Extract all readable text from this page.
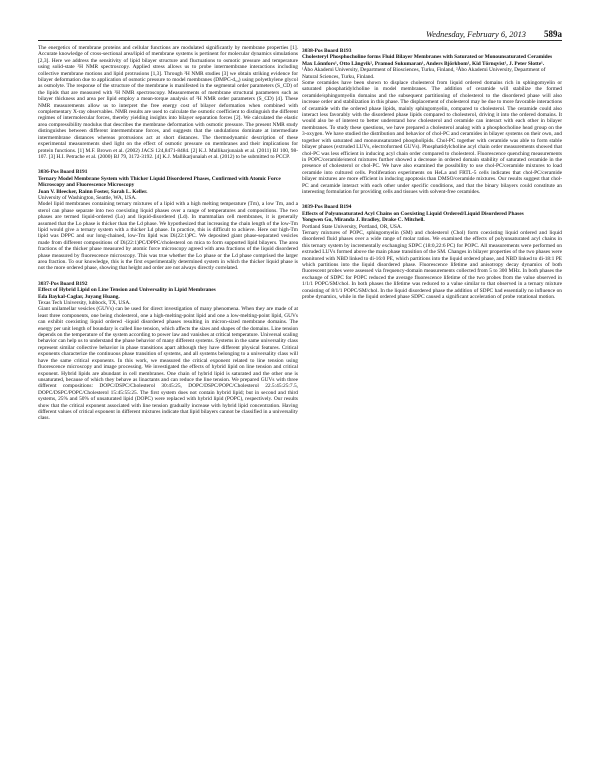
Wednesday, February 6, 2013 589a

The energetics of membrane proteins and cellular functions are modulated significantly by membrane properties [1]. Accurate knowledge of cross-sectional area/lipid of membrane systems is pertinent for molecular dynamics simulations [2,3]. Here we address the sensitivity of lipid bilayer structure and fluctuations to osmotic pressure and temperature using solid-state ²H NMR spectroscopy. Applied stress allows us to probe intermembrane interactions including collective membrane motions and lipid protrusions [1,3]. Through ²H NMR studies [3] we obtain striking evidence for bilayer deformation due to application of osmotic pressure to model membranes (DMPC-d₅₄) using polyethylene glycol as osmolyte. The response of the structure of the membrane is manifested in the segmental order parameters (S_CD) of the lipids that are measured with ²H NMR spectroscopy. Measurements of membrane structural parameters such as bilayer thickness and area per lipid employ a mean-torque analysis of ²H NMR order parameters (S_CD) [4]. These NMR measurements allow us to interpret the free energy cost of bilayer deformation when combined with complementary X-ray observables. NMR results are used to calculate the osmotic coefficient to distinguish the different regimes of intermolecular forces, thereby yielding insights into bilayer separation forces [2]. We calculated the elastic area compressibility modulus that describes the membrane deformation with osmotic pressure. The present NMR study distinguishes between different intermembrane forces, and suggests that the undulations dominate at intermediate intermembrane distances whereas protrusions act at short distances. The thermodynamic description of these experimental measurements shed light on the effect of osmotic pressure on membranes and their implications for protein functions. [1] M.F. Brown et al. (2002) JACS 124,8471-8484. [2] K.J. Mallikarjunaiah et al. (2011) BJ 100, 98-107. [3] H.I. Petrache et al. (2000) BJ 79, 3172-3192. [4] K.J. Mallikarjunaiah et al. (2012) to be submitted to PCCP.

3036-Pos Board B191

Ternary Model Membrane System with Thicker Liquid Disordered Phases, Confirmed with Atomic Force Microscopy and Fluorescence Microscopy

Joan V. Bleecker, Rainn Foster, Sarah L. Keller.

University of Washington, Seattle, WA, USA.

Model lipid membranes containing ternary mixtures of a lipid with a high melting temperature (Tm), a low Tm, and a sterol can phase separate into two coexisting liquid phases over a range of temperatures and compositions. The two phases are termed liquid-ordered (Lo) and liquid-disordered (Ld). In mammalian cell membranes, it is generally assumed that the Lo phase is thicker than the Ld phase. We hypothesized that increasing the chain length of the low-Tm lipid would give a ternary system with a thicker Ld phase. In practice, this is difficult to achieve. Here our high-Tm lipid was DPPC and our long-chained, low-Tm lipid was Di(22:1)PC. We deposited giant phase-separated vesicles made from different compositions of Di(22:1)PC/DPPC/cholesterol on mica to form supported lipid bilayers. The area fractions of the thicker phase measured by atomic force microscopy agreed with area fractions of the liquid disordered phase measured by fluorescence microscopy. This was true whether the Lo phase or the Ld phase comprised the larger area fraction. To our knowledge, this is the first experimentally determined system in which the thicker liquid phase is not the more ordered phase, showing that height and order are not always directly correlated.

3037-Pos Board B192

Effect of Hybrid Lipid on Line Tension and Universality in Lipid Membranes

Eda Baykal-Caglar, Juyang Huang.

Texas Tech University, lubbock, TX, USA.

Giant unilamellar vesicles (GUVs) can be used for direct investigation of many phenomena. When they are made of at least three components, one being cholesterol, one a high-melting-point lipid and one a low-melting-point lipid, GUVs can exhibit coexisting liquid ordered -liquid disordered phases resulting in micron-sized membrane domains. The energy per unit length of boundary is called line tension, which affects the sizes and shapes of the domains. Line tension depends on the temperature of the system according to power law and vanishes at critical temperature. Universal scaling behavior can help us to understand the phase behavior of many different systems. Systems in the same universality class represent similar collective behavior in phase transitions apart although they have different physical features. Critical exponents characterize the continuous phase transition of systems, and all systems belonging to a universality class will have the same critical exponents. In this work, we measured the critical exponent related to line tension using fluorescence microscopy and image processing. We investigated the effects of hybrid lipid on line tension and critical exponent. Hybrid lipids are abundant in cell membranes. One chain of hybrid lipid is saturated and the other one is unsaturated, because of which they behave as linactants and can reduce the line tension. We prepared GUVs with three different compositions: DOPC/DSPC/Cholesterol 30:45:25, DOPC/DSPC/POPC/Cholesterol 22.5:45:25:7.5, DOPC/DSPC/POPC/Cholesterol 15:45:55:25. The first system does not contain hybrid lipid; but in second and third systems, 25% and 50% of unsaturated lipid (DOPC) were replaced with hybrid lipid (POPC), respectively. Our results show that the critical exponent associated with line tension gradually increase with hybrid lipid concentration. Having different values of critical exponent in different mixtures indicate that lipid bilayers cannot be classified in a universality class.

3038-Pos Board B193

Cholesteryl Phosphocholine forms Fluid Bilayer Membranes with Saturated or Monounsaturated Ceramides

Max Lönnfors¹, Otto Långvik², Pramod Sukumaran¹, Anders Björkbom¹, Kid Törnqvist¹, J. Peter Slotte¹.

¹Åbo Akademi University, Department of Biosciences, Turku, Finland, ²Åbo Akademi University, Department of Natural Sciences, Turku, Finland.

Some ceramides have been shown to displace cholesterol from liquid ordered domains rich in sphingomyelin or saturated phosphatidylcholine in model membranes. The addition of ceramide will stabilize the formed ceramide/sphingomyelin domains and the subsequent partitioning of cholesterol to the disordered phase will also increase order and stabilization in this phase. The displacement of cholesterol may be due to more favorable interactions of ceramide with the ordered phase lipids, mainly sphingomyelin, compared to cholesterol. The ceramide could also interact less favorably with the disordered phase lipids compared to cholesterol, driving it into the ordered domains. It would also be of interest to better understand how cholesterol and ceramide can interact with each other in bilayer membranes. To study these questions, we have prepared a cholesterol analog with a phosphocholine head group on the 3-oxygen. We have studied the distribution and behavior of chol-PC and ceramides in bilayer systems on their own, and together with saturated and monounsaturated phospholipids. Chol-PC together with ceramide was able to form stable bilayer phases (extruded LUVs, electroformed GUVs). Phosphatidylcholine acyl chain order measurements showed that chol-PC was less efficient in inducing acyl chain order compared to cholesterol. Fluorescence quenching measurements in POPC/ceramide/sterol mixtures further showed a decrease in ordered domain stability of saturated ceramide in the presence of cholesterol or chol-PC. We have also examined the possibility to use chol-PC/ceramide mixtures to load ceramide into cultured cells. Proliferation experiments on HeLa and FRTL-5 cells indicates that chol-PC/ceramide bilayer mixtures are more efficient in inducing apoptosis than DMSO/ceramide mixtures. Our results suggest that chol-PC and ceramide interact with each other under specific conditions, and that the binary bilayers could constitute an interesting formulation for providing cells and tissues with solvent-free ceramides.

3039-Pos Board B194

Effects of Polyunsaturated Acyl Chains on Coexisting Liquid Ordered/Liquid Disordered Phases

Yongwen Gu, Miranda J. Bradley, Drake C. Mitchell.

Portland State University, Portland, OR, USA.

Ternary mixtures of POPC, sphingomyelin (SM) and cholesterol (Chol) form coexisting liquid ordered and liquid disordered fluid phases over a wide range of molar ratios. We examined the effects of polyunsaturated acyl chains in this ternary system by incrementally exchanging SDPC (18:0,22:6 PC) for POPC. All measurements were performed on extruded LUVs formed above the main phase transition of the SM. Changes in bilayer properties of the two phases were monitored with NBD linked to di-16:0 PE, which partitions into the liquid ordered phase, and NBD linked to di-18:1 PE which partitions into the liquid disordered phase. Fluorescence lifetime and anisotropy decay dynamics of both fluorescent probes were assessed via frequency-domain measurements collected from 5 to 300 MHz. In both phases the exchange of SDPC for POPC reduced the average fluorescence lifetime of the two probes from the value observed in 1/1/1 POPC/SM/chol. In both phases the lifetime was reduced to a value similar to that observed in a ternary mixture consisting of 8/1/1 POPC/SM/chol. In the liquid disordered phase the addition of SDPC had essentially no influence on probe dynamics, while in the liquid ordered phase SDPC caused a significant acceleration of probe rotational motion.
